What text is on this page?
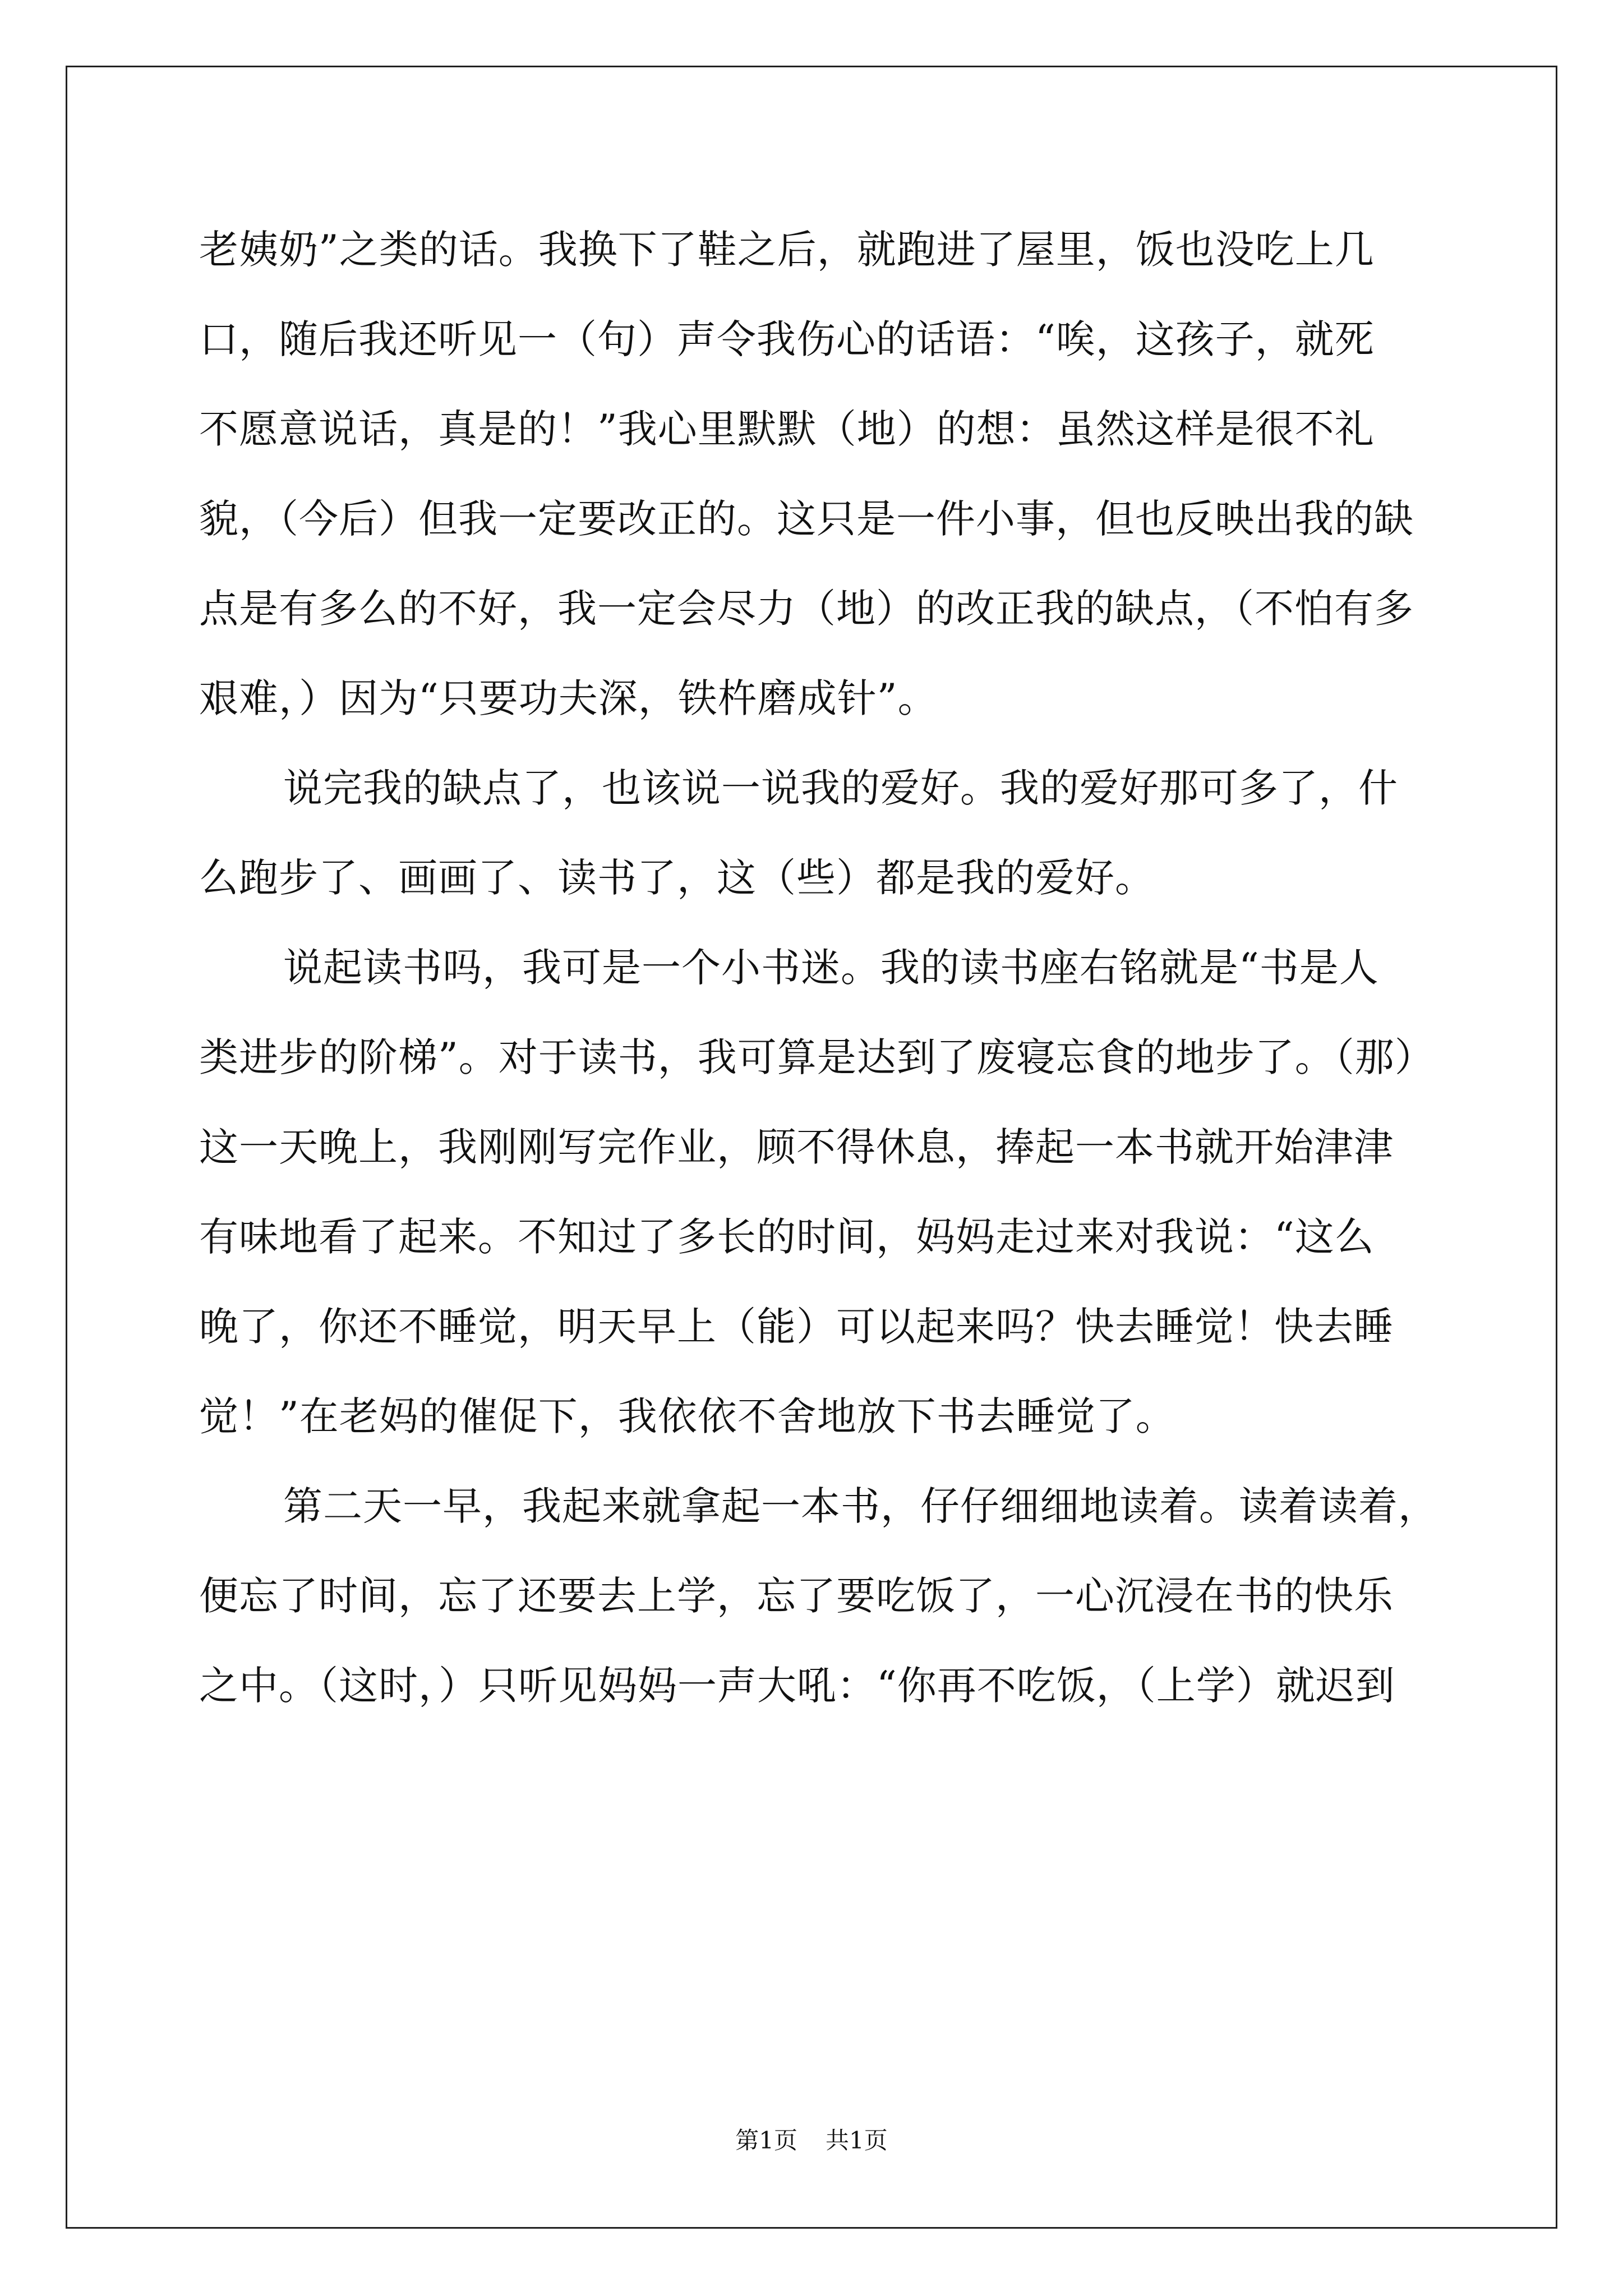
老姨奶”之类的话。我换下了鞋之后，就跑进了屋里，饭也没吃上几

口，随后我还听见一（句）声令我伤心的话语：“唉，这孩子，就死

不愿意说话，真是的！”我心里默默（地）的想：虽然这样是很不礼

貌，（今后）但我一定要改正的。这只是一件小事，但也反映出我的缺

点是有多么的不好，我一定会尽力（地）的改正我的缺点，（不怕有多

艰难，）因为“只要功夫深，铁杵磨成针”。

说完我的缺点了，也该说一说我的爱好。我的爱好那可多了，什

么跑步了、画画了、读书了，这（些）都是我的爱好。

说起读书吗，我可是一个小书迷。我的读书座右铭就是“书是人

类进步的阶梯”。对于读书，我可算是达到了废寝忘食的地步了。（那）

这一天晚上，我刚刚写完作业，顾不得休息，捧起一本书就开始津津

有味地看了起来。不知过了多长的时间，妈妈走过来对我说：“这么

晚了，你还不睡觉，明天早上（能）可以起来吗？快去睡觉！快去睡

觉！”在老妈的催促下，我依依不舍地放下书去睡觉了。

第二天一早，我起来就拿起一本书，仔仔细细地读着。读着读着，

便忘了时间，忘了还要去上学，忘了要吃饭了，一心沉浸在书的快乐

之中。（这时，）只听见妈妈一声大吼：“你再不吃饭，（上学）就迟到

第1页 共1页
